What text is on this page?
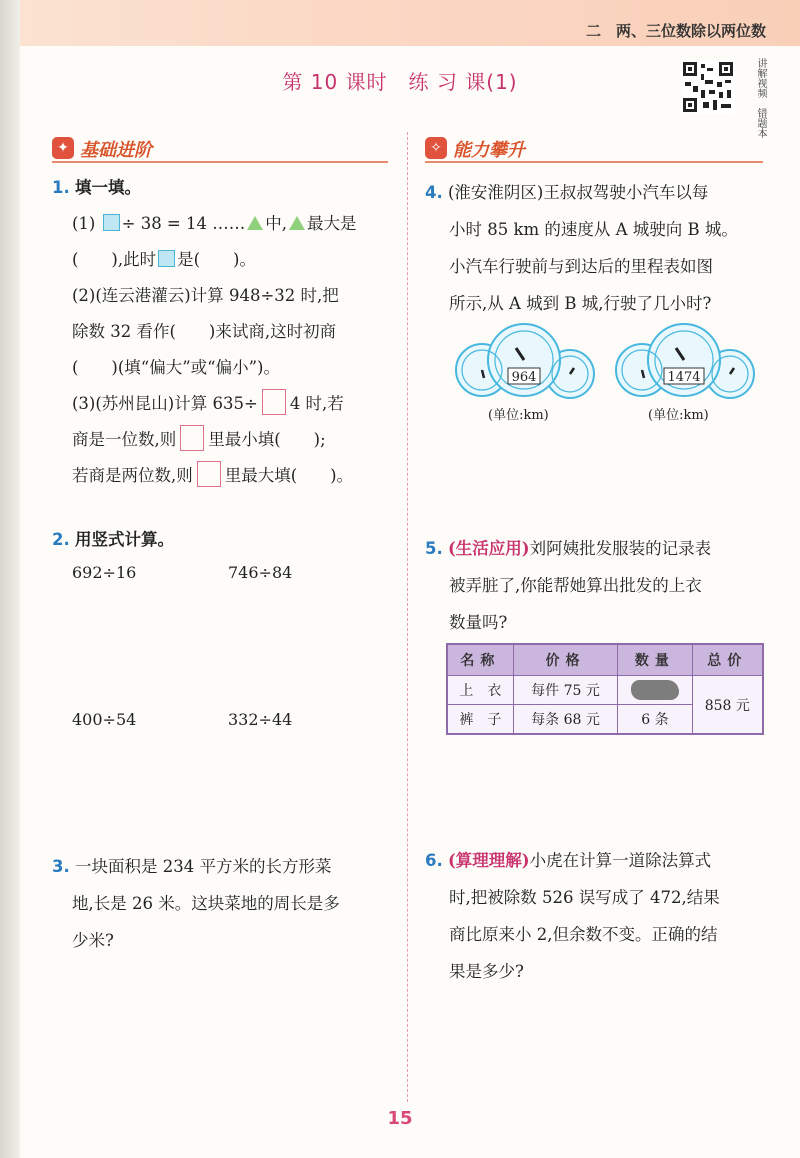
二　两、三位数除以两位数
第 10 课时　练 习 课(1)	讲解视频　错题本
✦ 基础进阶	✧ 能力攀升
1. 填一填。
(1) ÷ 38 = 14 …… 中, 最大是
(　　),此时 是(　　)。
(2)(连云港灌云)计算 948÷32 时,把
除数 32 看作(　　)来试商,这时初商
(　　)(填“偏大”或“偏小”)。
(3)(苏州昆山)计算 635÷ 4 时,若
商是一位数,则 里最小填(　　);
若商是两位数,则 里最大填(　　)。
2. 用竖式计算。
692÷16	746÷84
400÷54	332÷44
3. 一块面积是 234 平方米的长方形菜
地,长是 26 米。这块菜地的周长是多
少米?
4. (淮安淮阴区)王叔叔驾驶小汽车以每
小时 85 km 的速度从 A 城驶向 B 城。
小汽车行驶前与到达后的里程表如图
所示,从 A 城到 B 城,行驶了几小时?
964	1474
(单位:km)	(单位:km)
5. (生活应用)刘阿姨批发服装的记录表
被弄脏了,你能帮她算出批发的上衣
数量吗?
名称	价格	数量	总价
上　衣	每件 75 元		858 元
裤　子	每条 68 元	6 条	
6. (算理理解)小虎在计算一道除法算式
时,把被除数 526 误写成了 472,结果
商比原来小 2,但余数不变。正确的结
果是多少?
15
